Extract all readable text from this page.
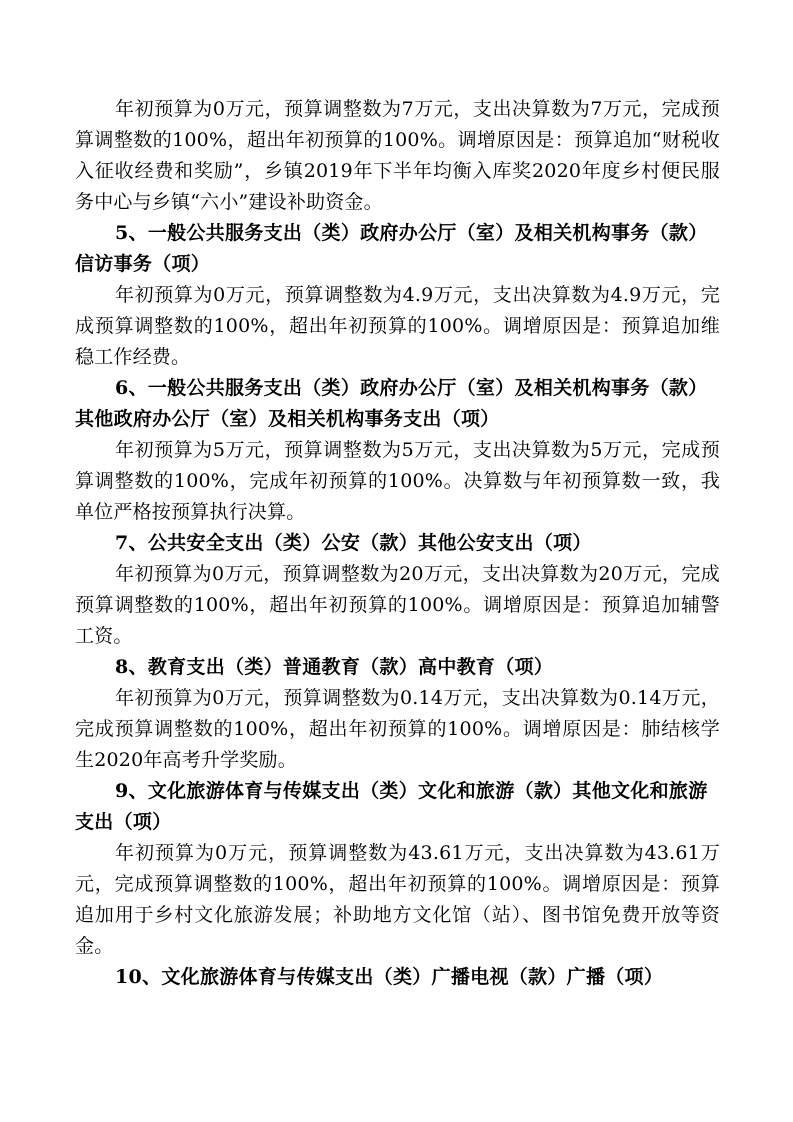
年初预算为0万元，预算调整数为7万元，支出决算数为7万元，完成预算调整数的100%，超出年初预算的100%。调增原因是：预算追加“财税收入征收经费和奖励”，乡镇2019年下半年均衡入库奖2020年度乡村便民服务中心与乡镇“六小”建设补助资金。

5、一般公共服务支出（类）政府办公厅（室）及相关机构事务（款）信访事务（项）

年初预算为0万元，预算调整数为4.9万元，支出决算数为4.9万元，完成预算调整数的100%，超出年初预算的100%。调增原因是：预算追加维稳工作经费。

6、一般公共服务支出（类）政府办公厅（室）及相关机构事务（款）其他政府办公厅（室）及相关机构事务支出（项）

年初预算为5万元，预算调整数为5万元，支出决算数为5万元，完成预算调整数的100%，完成年初预算的100%。决算数与年初预算数一致，我单位严格按预算执行决算。

7、公共安全支出（类）公安（款）其他公安支出（项）

年初预算为0万元，预算调整数为20万元，支出决算数为20万元，完成预算调整数的100%，超出年初预算的100%。调增原因是：预算追加辅警工资。

8、教育支出（类）普通教育（款）高中教育（项）

年初预算为0万元，预算调整数为0.14万元，支出决算数为0.14万元，完成预算调整数的100%，超出年初预算的100%。调增原因是：肺结核学生2020年高考升学奖励。

9、文化旅游体育与传媒支出（类）文化和旅游（款）其他文化和旅游支出（项）

年初预算为0万元，预算调整数为43.61万元，支出决算数为43.61万元，完成预算调整数的100%，超出年初预算的100%。调增原因是：预算追加用于乡村文化旅游发展；补助地方文化馆（站）、图书馆免费开放等资金。

10、文化旅游体育与传媒支出（类）广播电视（款）广播（项）
